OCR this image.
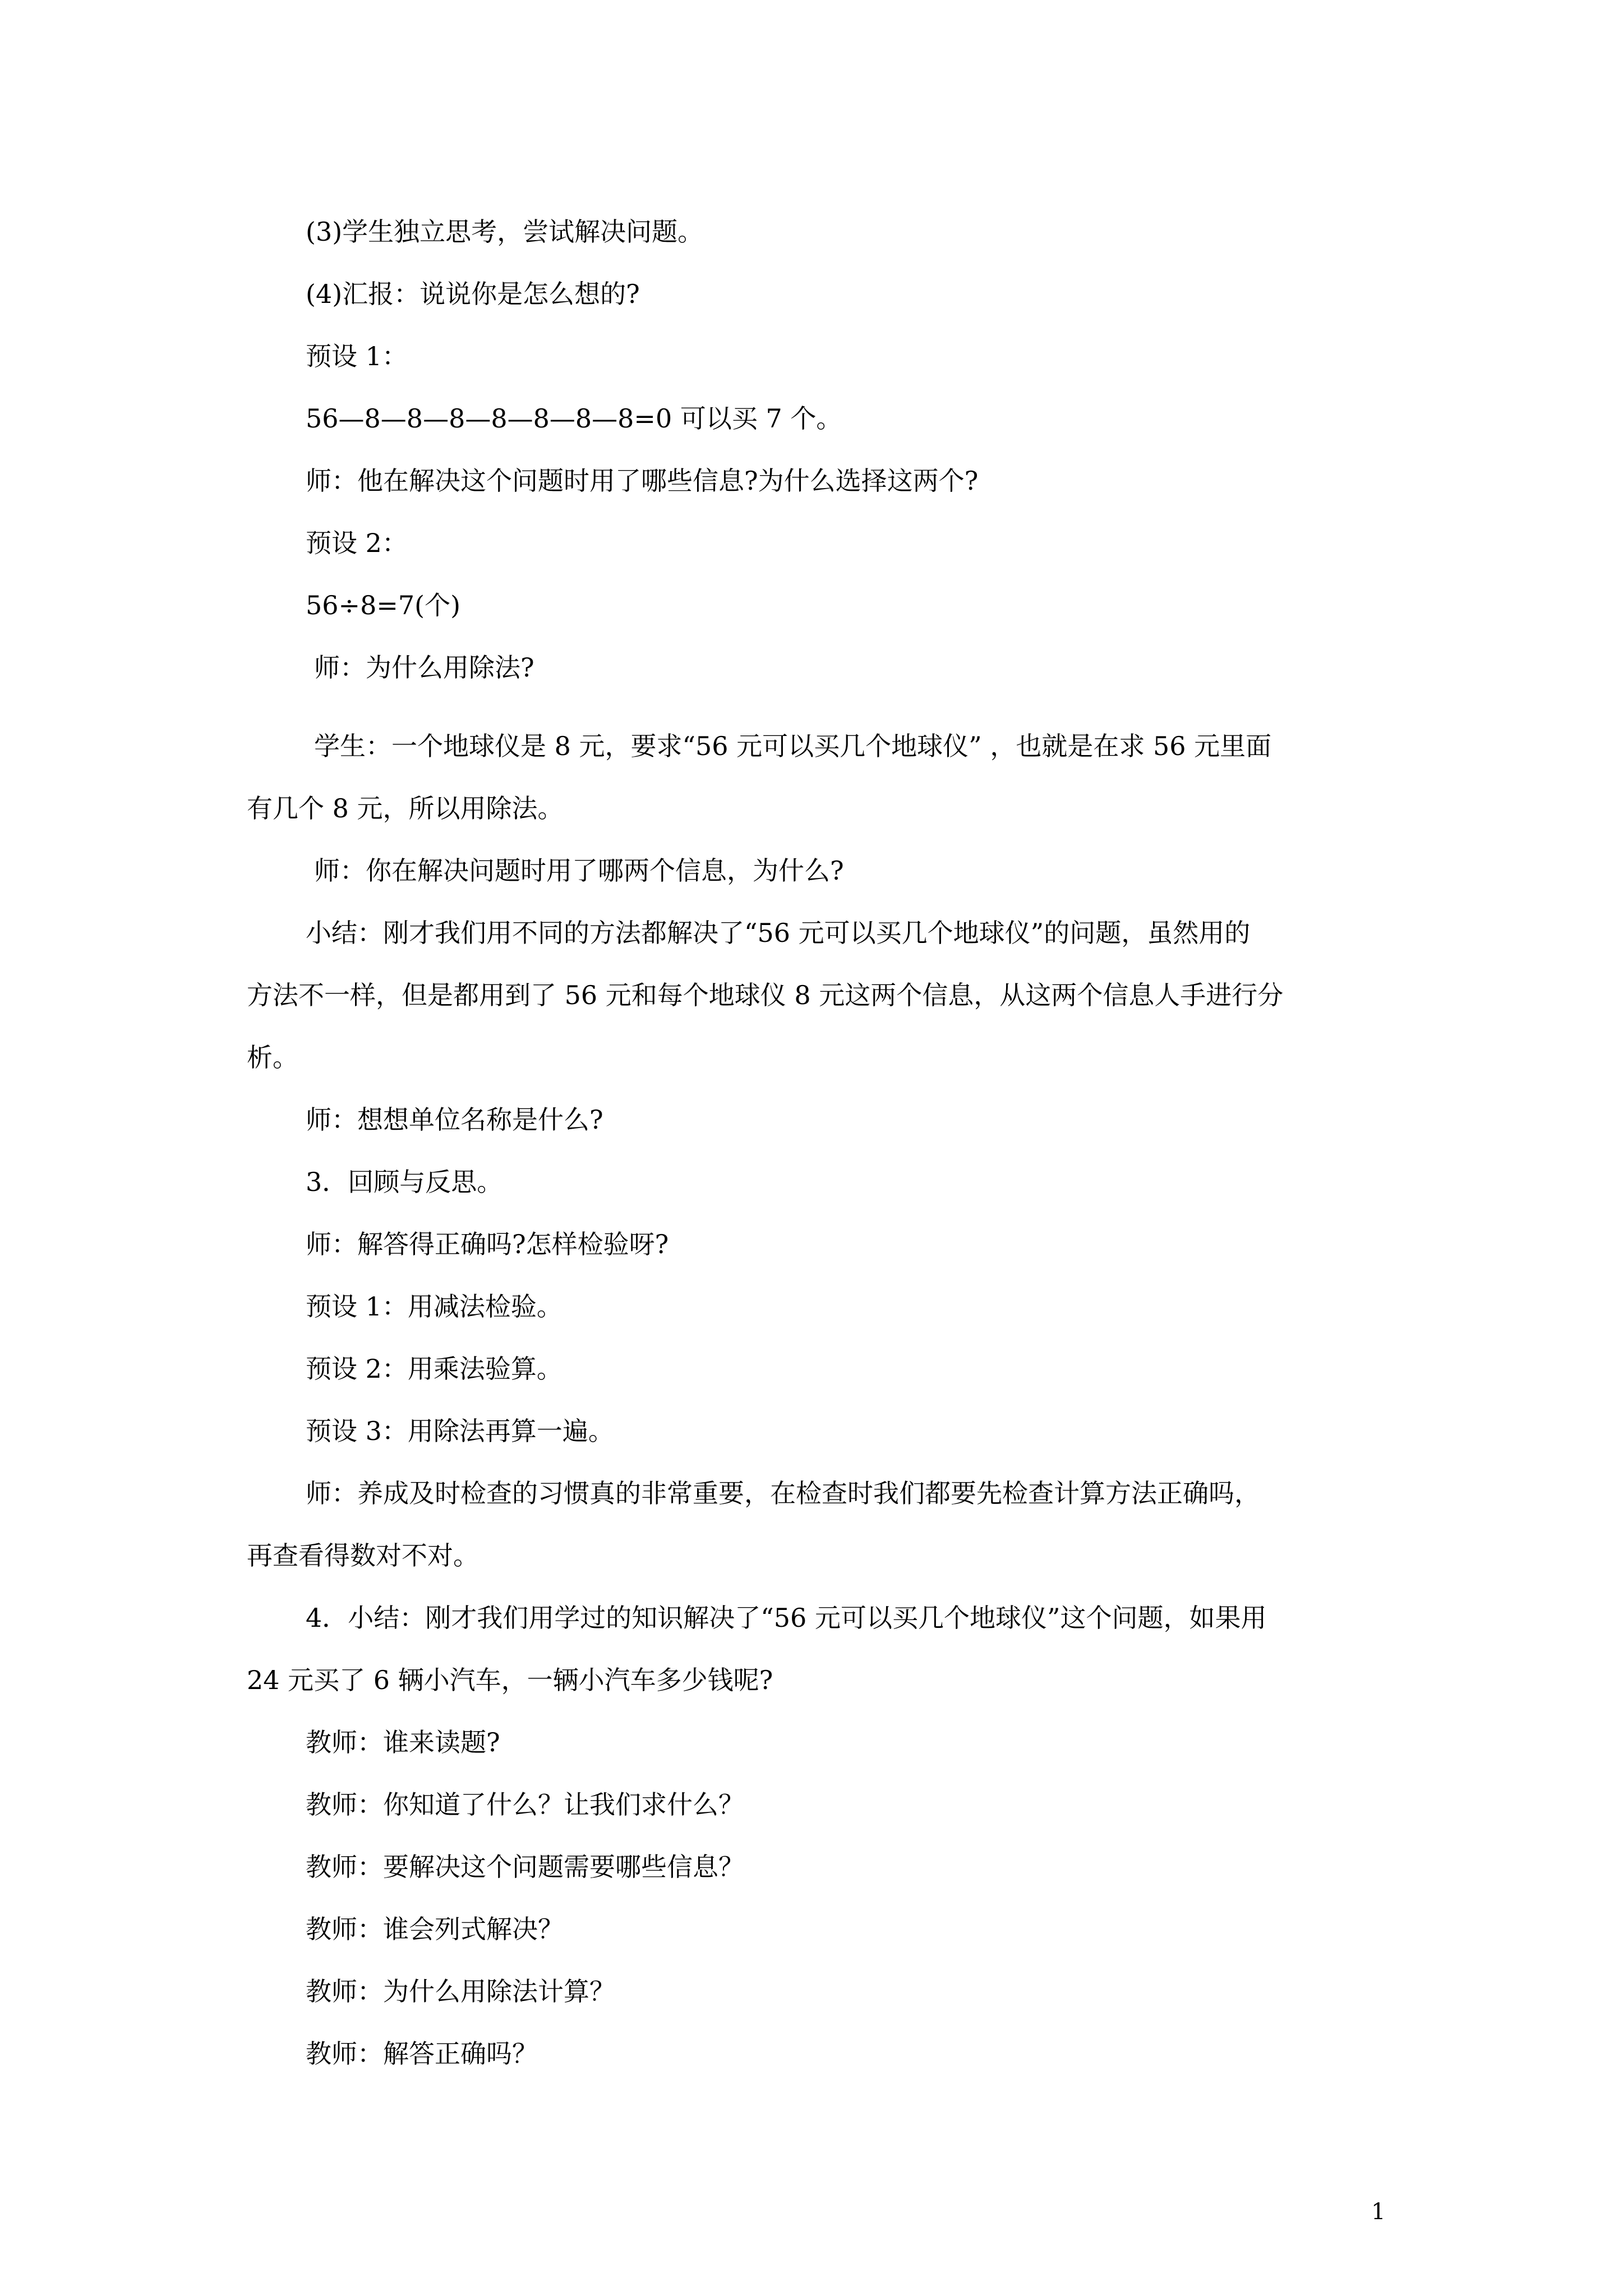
(3)学生独立思考，尝试解决问题。
(4)汇报：说说你是怎么想的?
预设 1：
56—8—8—8—8—8—8—8=0 可以买 7 个。
师：他在解决这个问题时用了哪些信息?为什么选择这两个?
预设 2：
56÷8=7(个)
师：为什么用除法?
学生：一个地球仪是 8 元，要求“56 元可以买几个地球仪” ，也就是在求 56 元里面
有几个 8 元，所以用除法。
师：你在解决问题时用了哪两个信息，为什么?
小结：刚才我们用不同的方法都解决了“56 元可以买几个地球仪”的问题，虽然用的
方法不一样，但是都用到了 56 元和每个地球仪 8 元这两个信息，从这两个信息人手进行分
析。
师：想想单位名称是什么?
3．回顾与反思。
师：解答得正确吗?怎样检验呀?
预设 1：用减法检验。
预设 2：用乘法验算。
预设 3：用除法再算一遍。
师：养成及时检查的习惯真的非常重要，在检查时我们都要先检查计算方法正确吗，
再查看得数对不对。
4．小结：刚才我们用学过的知识解决了“56 元可以买几个地球仪”这个问题，如果用
24 元买了 6 辆小汽车，一辆小汽车多少钱呢?
教师：谁来读题?
教师：你知道了什么？让我们求什么？
教师：要解决这个问题需要哪些信息？
教师：谁会列式解决？
教师：为什么用除法计算？
教师：解答正确吗？
1
